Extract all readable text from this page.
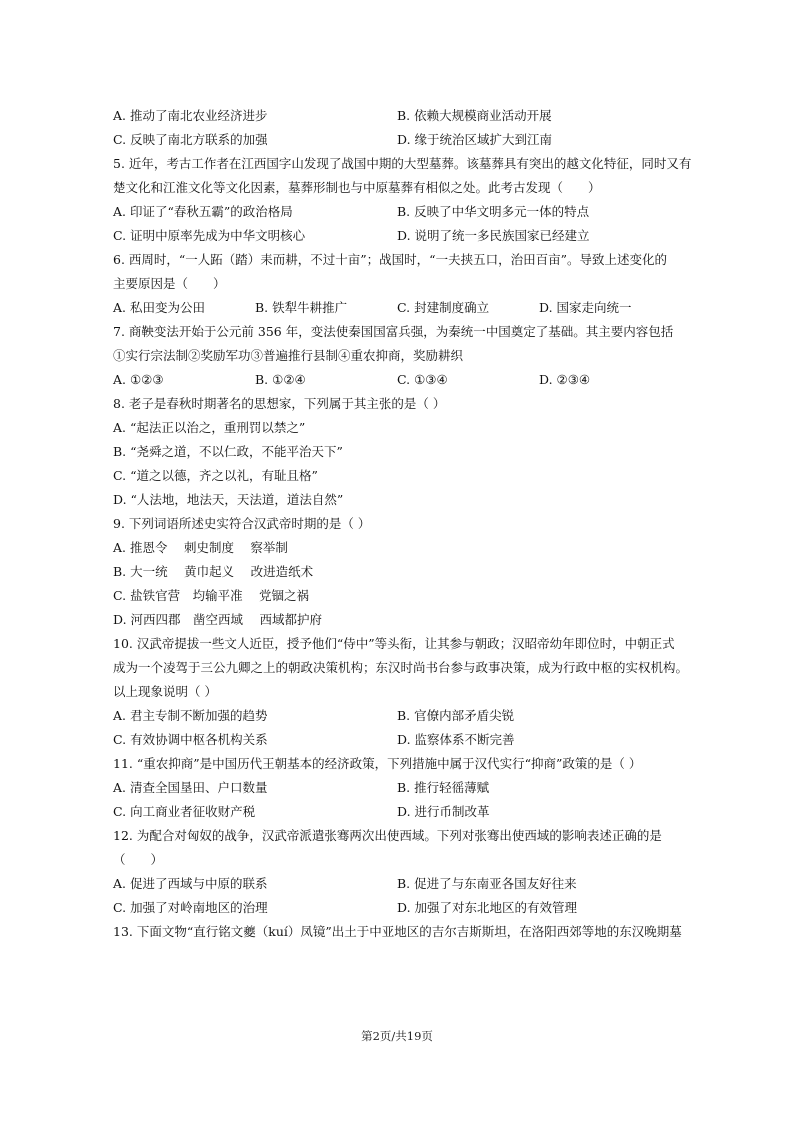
A. 推动了南北农业经济进步	B. 依赖大规模商业活动开展
C. 反映了南北方联系的加强	D. 缘于统治区域扩大到江南
5. 近年，考古工作者在江西国字山发现了战国中期的大型墓葬。该墓葬具有突出的越文化特征，同时又有
楚文化和江淮文化等文化因素，墓葬形制也与中原墓葬有相似之处。此考古发现（　　）
A. 印证了“春秋五霸”的政治格局	B. 反映了中华文明多元一体的特点
C. 证明中原率先成为中华文明核心	D. 说明了统一多民族国家已经建立
6. 西周时，“一人跖（踏）耒而耕，不过十亩”；战国时，“一夫挟五口，治田百亩”。导致上述变化的
主要原因是（　　）
A. 私田变为公田	B. 铁犁牛耕推广	C. 封建制度确立	D. 国家走向统一
7. 商鞅变法开始于公元前 356 年，变法使秦国国富兵强，为秦统一中国奠定了基础。其主要内容包括
①实行宗法制②奖励军功③普遍推行县制④重农抑商，奖励耕织
A. ①②③	B. ①②④	C. ①③④	D. ②③④
8. 老子是春秋时期著名的思想家，下列属于其主张的是（ ）
A. “起法正以治之，重刑罚以禁之”
B. “尧舜之道，不以仁政，不能平治天下”
C. “道之以德，齐之以礼，有耻且格”
D. “人法地，地法天，天法道，道法自然”
9. 下列词语所述史实符合汉武帝时期的是（ ）
A. 推恩令　 刺史制度　 察举制
B. 大一统　 黄巾起义　 改进造纸术
C. 盐铁官营　均输平准　 党锢之祸
D. 河西四郡　凿空西域　 西域都护府
10. 汉武帝提拔一些文人近臣，授予他们“侍中”等头衔，让其参与朝政；汉昭帝幼年即位时，中朝正式
成为一个凌驾于三公九卿之上的朝政决策机构；东汉时尚书台参与政事决策，成为行政中枢的实权机构。
以上现象说明（ ）
A. 君主专制不断加强的趋势	B. 官僚内部矛盾尖锐
C. 有效协调中枢各机构关系	D. 监察体系不断完善
11. “重农抑商”是中国历代王朝基本的经济政策，下列措施中属于汉代实行“抑商”政策的是（ ）
A. 清查全国垦田、户口数量	B. 推行轻徭薄赋
C. 向工商业者征收财产税	D. 进行币制改革
12. 为配合对匈奴的战争，汉武帝派遣张骞两次出使西域。下列对张骞出使西域的影响表述正确的是
（　　）
A. 促进了西域与中原的联系	B. 促进了与东南亚各国友好往来
C. 加强了对岭南地区的治理	D. 加强了对东北地区的有效管理
13. 下面文物“直行铭文夔（kuí）凤镜”出土于中亚地区的吉尔吉斯斯坦，在洛阳西郊等地的东汉晚期墓
第2页/共19页
